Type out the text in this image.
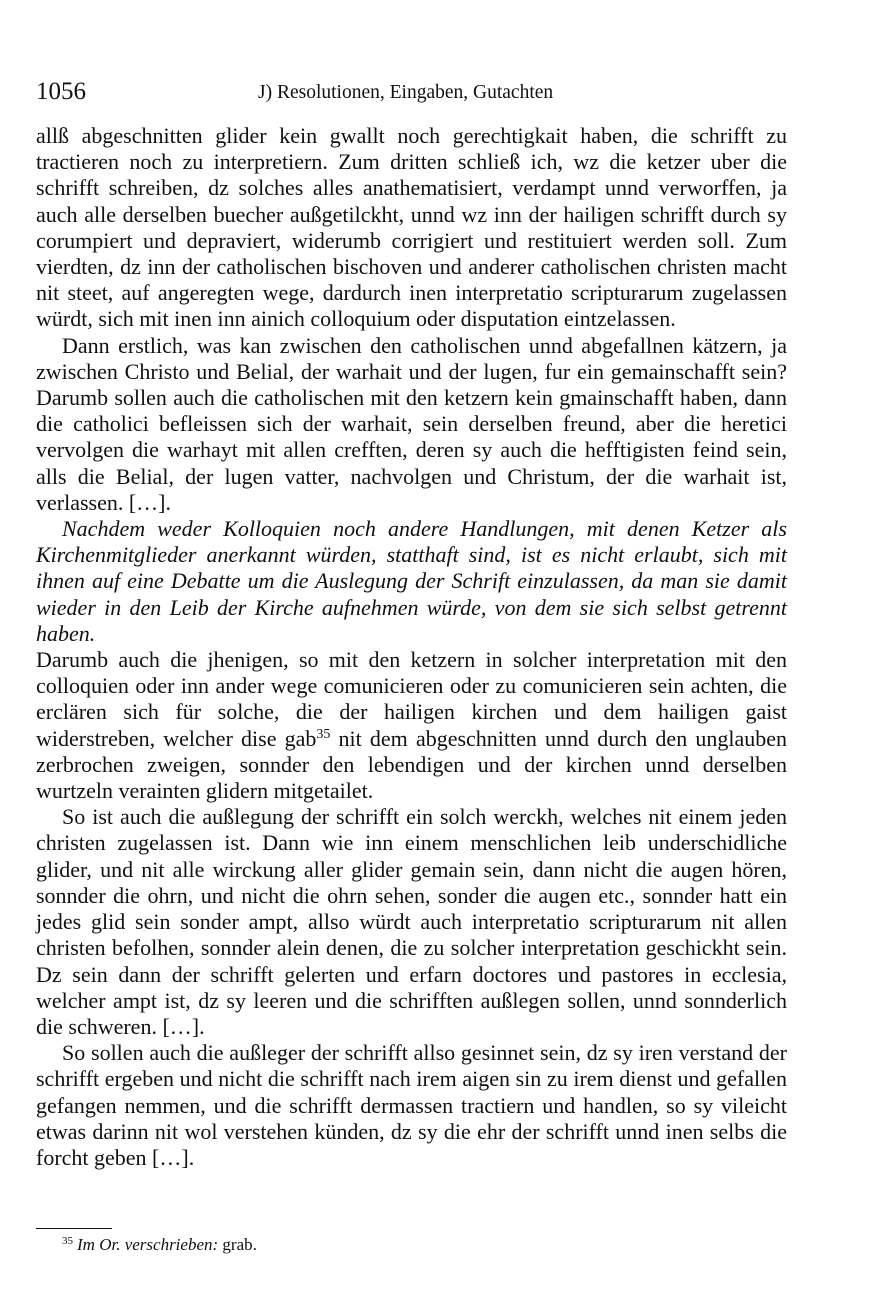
1056	J) Resolutionen, Eingaben, Gutachten

allß abgeschnitten glider kein gwallt noch gerechtigkait haben, die schrifft zu tractieren noch zu interpretiern. Zum dritten schließ ich, wz die ketzer uber die schrifft schreiben, dz solches alles anathematisiert, verdampt unnd verworffen, ja auch alle derselben buecher außgetilckht, unnd wz inn der hailigen schrifft durch sy corumpiert und depraviert, widerumb corrigiert und restituiert werden soll. Zum vierdten, dz inn der catholischen bischoven und anderer catholischen christen macht nit steet, auf angeregten wege, dardurch inen interpretatio scripturarum zugelassen würdt, sich mit inen inn ainich colloquium oder disputation eintzelassen.

Dann erstlich, was kan zwischen den catholischen unnd abgefallnen kätzern, ja zwischen Christo und Belial, der warhait und der lugen, fur ein gemainschafft sein? Darumb sollen auch die catholischen mit den ketzern kein gmainschafft haben, dann die catholici befleissen sich der warhait, sein derselben freund, aber die heretici vervolgen die warhayt mit allen crefften, deren sy auch die hefftigisten feind sein, alls die Belial, der lugen vatter, nachvolgen und Christum, der die warhait ist, verlassen. […].

Nachdem weder Kolloquien noch andere Handlungen, mit denen Ketzer als Kirchenmitglieder anerkannt würden, statthaft sind, ist es nicht erlaubt, sich mit ihnen auf eine Debatte um die Auslegung der Schrift einzulassen, da man sie damit wieder in den Leib der Kirche aufnehmen würde, von dem sie sich selbst getrennt haben.

Darumb auch die jhenigen, so mit den ketzern in solcher interpretation mit den colloquien oder inn ander wege comunicieren oder zu comunicieren sein achten, die erclären sich für solche, die der hailigen kirchen und dem hailigen gaist widerstreben, welcher dise gab$^{35}$ nit dem abgeschnitten unnd durch den unglauben zerbrochen zweigen, sonnder den lebendigen und der kirchen unnd derselben wurtzeln veraintеn glidern mitgetailet.

So ist auch die außlegung der schrifft ein solch werckh, welches nit einem jeden christen zugelassen ist. Dann wie inn einem menschlichen leib underschidliche glider, und nit alle wirckung aller glider gemain sein, dann nicht die augen hören, sonnder die ohrn, und nicht die ohrn sehen, sonder die augen etc., sonnder hatt ein jedes glid sein sonder ampt, allso würdt auch interpretatio scripturarum nit allen christen befolhen, sonnder alein denen, die zu solcher interpretation geschickht sein. Dz sein dann der schrifft gelerten und erfarn doctores und pastores in ecclesia, welcher ampt ist, dz sy leeren und die schrifften außlegen sollen, unnd sonnderlich die schweren. […].

So sollen auch die außleger der schrifft allso gesinnet sein, dz sy iren verstand der schrifft ergeben und nicht die schrifft nach irem aigen sin zu irem dienst und gefallen gefangen nemmen, und die schrifft dermassen tractiern und handlen, so sy vileicht etwas darinn nit wol verstehen künden, dz sy die ehr der schrifft unnd inen selbs die forcht geben […].

$^{35}$ Im Or. verschrieben: grab.
